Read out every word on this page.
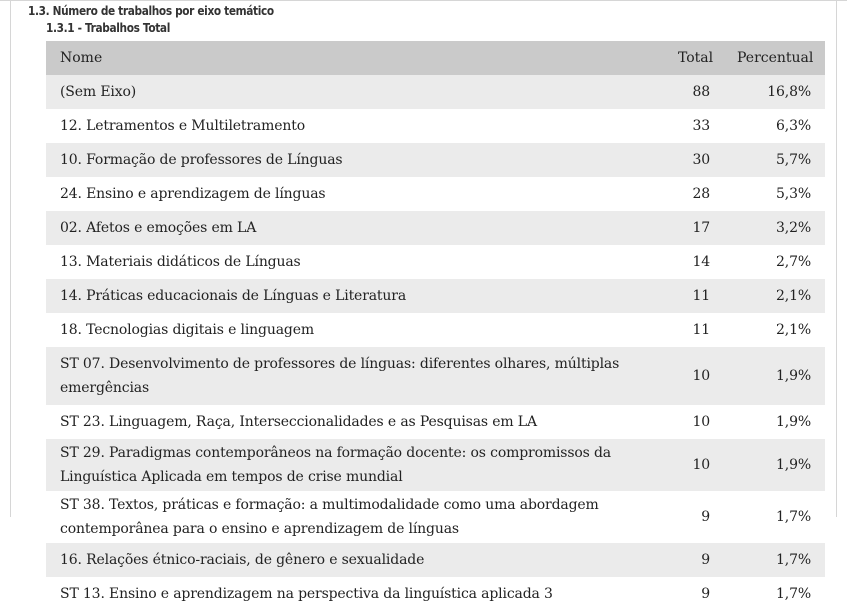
1.3. Número de trabalhos por eixo temático
1.3.1 - Trabalhos Total
Nome	Total	Percentual
(Sem Eixo)	88	16,8%
12. Letramentos e Multiletramento	33	6,3%
10. Formação de professores de Línguas	30	5,7%
24. Ensino e aprendizagem de línguas	28	5,3%
02. Afetos e emoções em LA	17	3,2%
13. Materiais didáticos de Línguas	14	2,7%
14. Práticas educacionais de Línguas e Literatura	11	2,1%
18. Tecnologias digitais e linguagem	11	2,1%
ST 07. Desenvolvimento de professores de línguas: diferentes olhares, múltiplas emergências	10	1,9%
ST 23. Linguagem, Raça, Interseccionalidades e as Pesquisas em LA	10	1,9%
ST 29. Paradigmas contemporâneos na formação docente: os compromissos da Linguística Aplicada em tempos de crise mundial	10	1,9%
ST 38. Textos, práticas e formação: a multimodalidade como uma abordagem contemporânea para o ensino e aprendizagem de línguas	9	1,7%
16. Relações étnico-raciais, de gênero e sexualidade	9	1,7%
ST 13. Ensino e aprendizagem na perspectiva da linguística aplicada 3	9	1,7%
